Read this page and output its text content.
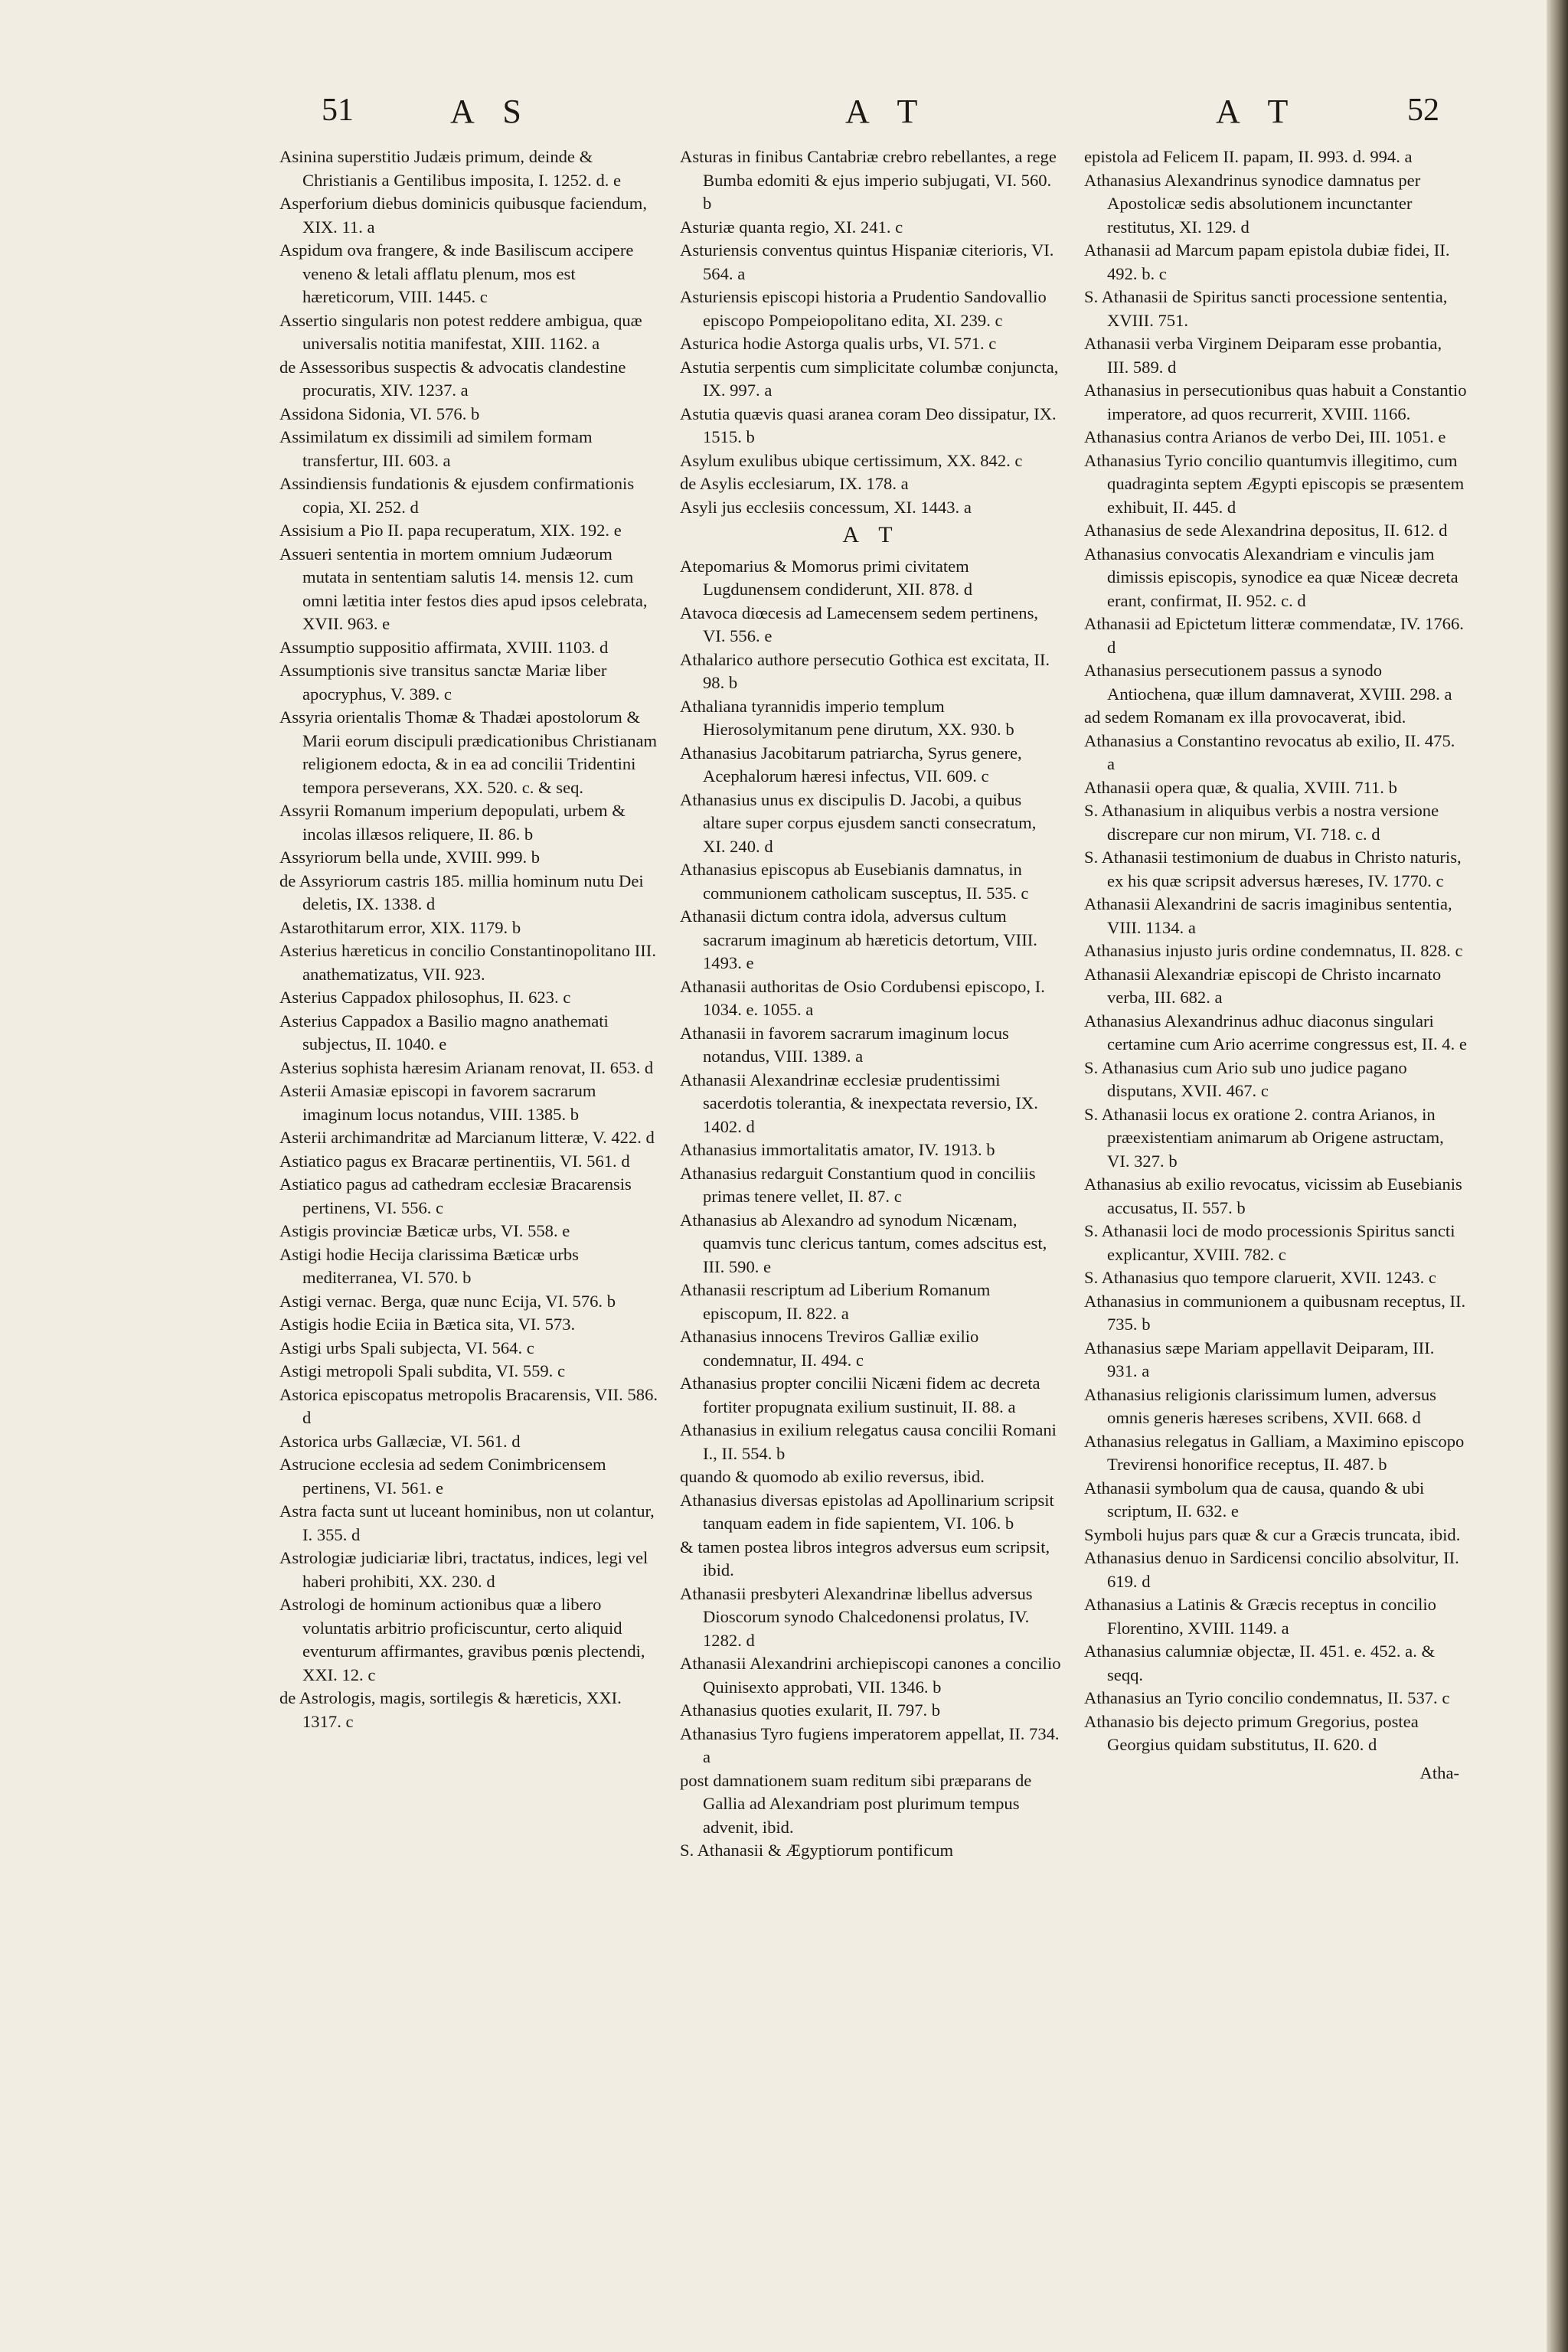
51	A S	A T	A T	52

Asinina superstitio Judæis primum, deinde & Christianis a Gentilibus imposita, I. 1252. d. e

Asperforium diebus dominicis quibusque faciendum, XIX. 11. a

Aspidum ova frangere, & inde Basiliscum accipere veneno & letali afflatu plenum, mos est hæreticorum, VIII. 1445. c

Assertio singularis non potest reddere ambigua, quæ universalis notitia manifestat, XIII. 1162. a

de Assessoribus suspectis & advocatis clandestine procuratis, XIV. 1237. a

Assidona Sidonia, VI. 576. b

Assimilatum ex dissimili ad similem formam transfertur, III. 603. a

Assindiensis fundationis & ejusdem confirmationis copia, XI. 252. d

Assisium a Pio II. papa recuperatum, XIX. 192. e

Assueri sententia in mortem omnium Judæorum mutata in sententiam salutis 14. mensis 12. cum omni lætitia inter festos dies apud ipsos celebrata, XVII. 963. e

Assumptio suppositio affirmata, XVIII. 1103. d

Assumptionis sive transitus sanctæ Mariæ liber apocryphus, V. 389. c

Assyria orientalis Thomæ & Thadæi apostolorum & Marii eorum discipuli prædicationibus Christianam religionem edocta, & in ea ad concilii Tridentini tempora perseverans, XX. 520. c. & seq.

Assyrii Romanum imperium depopulati, urbem & incolas illæsos reliquere, II. 86. b

Assyriorum bella unde, XVIII. 999. b

de Assyriorum castris 185. millia hominum nutu Dei deletis, IX. 1338. d

Astarothitarum error, XIX. 1179. b

Asterius hæreticus in concilio Constantinopolitano III. anathematizatus, VII. 923.

Asterius Cappadox philosophus, II. 623. c

Asterius Cappadox a Basilio magno anathemati subjectus, II. 1040. e

Asterius sophista hæresim Arianam renovat, II. 653. d

Asterii Amasiæ episcopi in favorem sacrarum imaginum locus notandus, VIII. 1385. b

Asterii archimandritæ ad Marcianum litteræ, V. 422. d

Astiatico pagus ex Bracaræ pertinentiis, VI. 561. d

Astiatico pagus ad cathedram ecclesiæ Bracarensis pertinens, VI. 556. c

Astigis provinciæ Bæticæ urbs, VI. 558. e

Astigi hodie Hecija clarissima Bæticæ urbs mediterranea, VI. 570. b

Astigi vernac. Berga, quæ nunc Ecija, VI. 576. b

Astigis hodie Eciia in Bætica sita, VI. 573.

Astigi urbs Spali subjecta, VI. 564. c

Astigi metropoli Spali subdita, VI. 559. c

Astorica episcopatus metropolis Bracarensis, VII. 586. d

Astorica urbs Gallæciæ, VI. 561. d

Astrucione ecclesia ad sedem Conimbricensem pertinens, VI. 561. e

Astra facta sunt ut luceant hominibus, non ut colantur, I. 355. d

Astrologiæ judiciariæ libri, tractatus, indices, legi vel haberi prohibiti, XX. 230. d

Astrologi de hominum actionibus quæ a libero voluntatis arbitrio proficiscuntur, certo aliquid eventurum affirmantes, gravibus pœnis plectendi, XXI. 12. c

de Astrologis, magis, sortilegis & hæreticis, XXI. 1317. c

Asturas in finibus Cantabriæ crebro rebellantes, a rege Bumba edomiti & ejus imperio subjugati, VI. 560. b

Asturiæ quanta regio, XI. 241. c

Asturiensis conventus quintus Hispaniæ citerioris, VI. 564. a

Asturiensis episcopi historia a Prudentio Sandovallio episcopo Pompeiopolitano edita, XI. 239. c

Asturica hodie Astorga qualis urbs, VI. 571. c

Astutia serpentis cum simplicitate columbæ conjuncta, IX. 997. a

Astutia quævis quasi aranea coram Deo dissipatur, IX. 1515. b

Asylum exulibus ubique certissimum, XX. 842. c

de Asylis ecclesiarum, IX. 178. a

Asyli jus ecclesiis concessum, XI. 1443. a

A T

Atepomarius & Momorus primi civitatem Lugdunensem condiderunt, XII. 878. d

Atavoca diœcesis ad Lamecensem sedem pertinens, VI. 556. e

Athalarico authore persecutio Gothica est excitata, II. 98. b

Athaliana tyrannidis imperio templum Hierosolymitanum pene dirutum, XX. 930. b

Athanasius Jacobitarum patriarcha, Syrus genere, Acephalorum hæresi infectus, VII. 609. c

Athanasius unus ex discipulis D. Jacobi, a quibus altare super corpus ejusdem sancti consecratum, XI. 240. d

Athanasius episcopus ab Eusebianis damnatus, in communionem catholicam susceptus, II. 535. c

Athanasii dictum contra idola, adversus cultum sacrarum imaginum ab hæreticis detortum, VIII. 1493. e

Athanasii authoritas de Osio Cordubensi episcopo, I. 1034. e. 1055. a

Athanasii in favorem sacrarum imaginum locus notandus, VIII. 1389. a

Athanasii Alexandrinæ ecclesiæ prudentissimi sacerdotis tolerantia, & inexpectata reversio, IX. 1402. d

Athanasius immortalitatis amator, IV. 1913. b

Athanasius redarguit Constantium quod in conciliis primas tenere vellet, II. 87. c

Athanasius ab Alexandro ad synodum Nicænam, quamvis tunc clericus tantum, comes adscitus est, III. 590. e

Athanasii rescriptum ad Liberium Romanum episcopum, II. 822. a

Athanasius innocens Treviros Galliæ exilio condemnatur, II. 494. c

Athanasius propter concilii Nicæni fidem ac decreta fortiter propugnata exilium sustinuit, II. 88. a

Athanasius in exilium relegatus causa concilii Romani I., II. 554. b

quando & quomodo ab exilio reversus, ibid.

Athanasius diversas epistolas ad Apollinarium scripsit tanquam eadem in fide sapientem, VI. 106. b

& tamen postea libros integros adversus eum scripsit, ibid.

Athanasii presbyteri Alexandrinæ libellus adversus Dioscorum synodo Chalcedonensi prolatus, IV. 1282. d

Athanasii Alexandrini archiepiscopi canones a concilio Quinisexto approbati, VII. 1346. b

Athanasius quoties exularit, II. 797. b

Athanasius Tyro fugiens imperatorem appellat, II. 734. a

post damnationem suam reditum sibi præparans de Gallia ad Alexandriam post plurimum tempus advenit, ibid.

S. Athanasii & Ægyptiorum pontificum

epistola ad Felicem II. papam, II. 993. d. 994. a

Athanasius Alexandrinus synodice damnatus per Apostolicæ sedis absolutionem incunctanter restitutus, XI. 129. d

Athanasii ad Marcum papam epistola dubiæ fidei, II. 492. b. c

S. Athanasii de Spiritus sancti processione sententia, XVIII. 751.

Athanasii verba Virginem Deiparam esse probantia, III. 589. d

Athanasius in persecutionibus quas habuit a Constantio imperatore, ad quos recurrerit, XVIII. 1166.

Athanasius contra Arianos de verbo Dei, III. 1051. e

Athanasius Tyrio concilio quantumvis illegitimo, cum quadraginta septem Ægypti episcopis se præsentem exhibuit, II. 445. d

Athanasius de sede Alexandrina depositus, II. 612. d

Athanasius convocatis Alexandriam e vinculis jam dimissis episcopis, synodice ea quæ Niceæ decreta erant, confirmat, II. 952. c. d

Athanasii ad Epictetum litteræ commendatæ, IV. 1766. d

Athanasius persecutionem passus a synodo Antiochena, quæ illum damnaverat, XVIII. 298. a

ad sedem Romanam ex illa provocaverat, ibid.

Athanasius a Constantino revocatus ab exilio, II. 475. a

Athanasii opera quæ, & qualia, XVIII. 711. b

S. Athanasium in aliquibus verbis a nostra versione discrepare cur non mirum, VI. 718. c. d

S. Athanasii testimonium de duabus in Christo naturis, ex his quæ scripsit adversus hæreses, IV. 1770. c

Athanasii Alexandrini de sacris imaginibus sententia, VIII. 1134. a

Athanasius injusto juris ordine condemnatus, II. 828. c

Athanasii Alexandriæ episcopi de Christo incarnato verba, III. 682. a

Athanasius Alexandrinus adhuc diaconus singulari certamine cum Ario acerrime congressus est, II. 4. e

S. Athanasius cum Ario sub uno judice pagano disputans, XVII. 467. c

S. Athanasii locus ex oratione 2. contra Arianos, in præexistentiam animarum ab Origene astructam, VI. 327. b

Athanasius ab exilio revocatus, vicissim ab Eusebianis accusatus, II. 557. b

S. Athanasii loci de modo processionis Spiritus sancti explicantur, XVIII. 782. c

S. Athanasius quo tempore claruerit, XVII. 1243. c

Athanasius in communionem a quibusnam receptus, II. 735. b

Athanasius sæpe Mariam appellavit Deiparam, III. 931. a

Athanasius religionis clarissimum lumen, adversus omnis generis hæreses scribens, XVII. 668. d

Athanasius relegatus in Galliam, a Maximino episcopo Trevirensi honorifice receptus, II. 487. b

Athanasii symbolum qua de causa, quando & ubi scriptum, II. 632. e

Symboli hujus pars quæ & cur a Græcis truncata, ibid.

Athanasius denuo in Sardicensi concilio absolvitur, II. 619. d

Athanasius a Latinis & Græcis receptus in concilio Florentino, XVIII. 1149. a

Athanasius calumniæ objectæ, II. 451. e. 452. a. & seqq.

Athanasius an Tyrio concilio condemnatus, II. 537. c

Athanasio bis dejecto primum Gregorius, postea Georgius quidam substitutus, II. 620. d

Atha-
